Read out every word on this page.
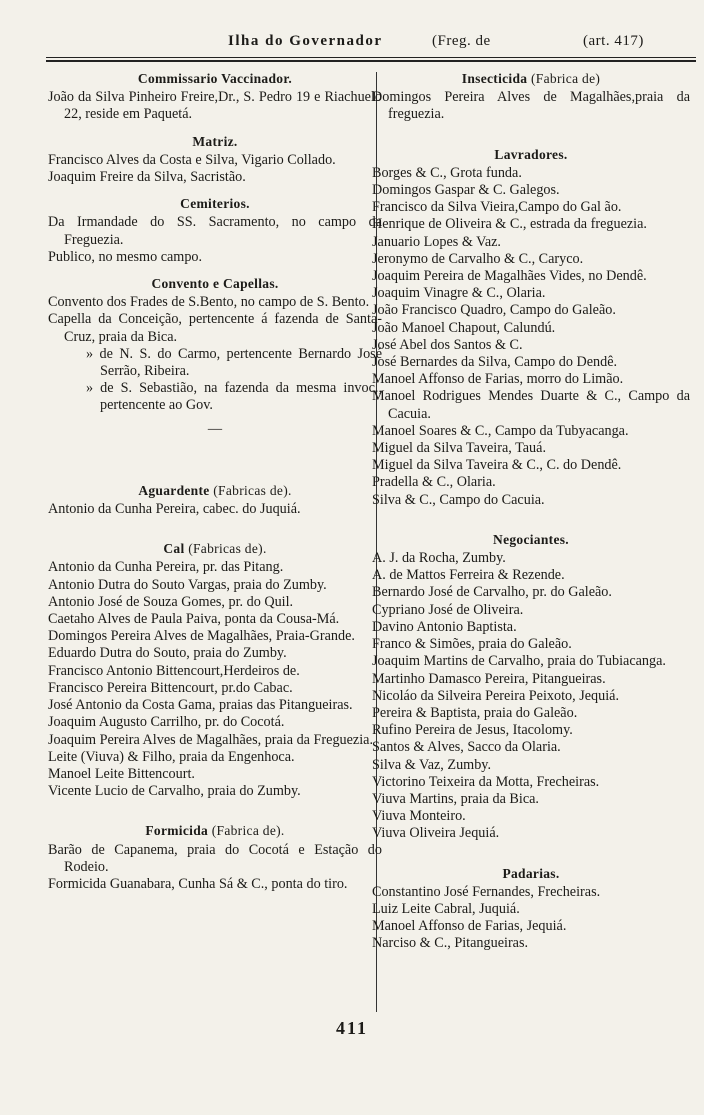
Ilha do Governador	(Freg. de	(art. 417)
Commissario Vaccinador.
João da Silva Pinheiro Freire,Dr., S. Pedro 19 e Riachuelo 22, reside em Paquetá.
Matriz.
Francisco Alves da Costa e Silva, Vigario Collado.
Joaquim Freire da Silva, Sacristão.
Cemiterios.
Da Irmandade do SS. Sacramento, no campo da Freguezia.
Publico, no mesmo campo.
Convento e Capellas.
Convento dos Frades de S.Bento, no campo de S. Bento.
Capella da Conceição, pertencente á fazenda de Santa-Cruz, praia da Bica.
» de N. S. do Carmo, pertencente Bernardo José Serrão, Ribeira.
» de S. Sebastião, na fazenda da mesma invoc., pertencente ao Gov.
—
Aguardente (Fabricas de).
Antonio da Cunha Pereira, cabec. do Juquiá.
Cal (Fabricas de).
Antonio da Cunha Pereira, pr. das Pitang.
Antonio Dutra do Souto Vargas, praia do Zumby.
Antonio José de Souza Gomes, pr. do Quil.
Caetaho Alves de Paula Paiva, ponta da Cousa-Má.
Domingos Pereira Alves de Magalhães, Praia-Grande.
Eduardo Dutra do Souto, praia do Zumby.
Francisco Antonio Bittencourt,Herdeiros de.
Francisco Pereira Bittencourt, pr.do Cabac.
José Antonio da Costa Gama, praias das Pitangueiras.
Joaquim Augusto Carrilho, pr. do Cocotá.
Joaquim Pereira Alves de Magalhães, praia da Freguezia.
Leite (Viuva) & Filho, praia da Engenhoca.
Manoel Leite Bittencourt.
Vicente Lucio de Carvalho, praia do Zumby.
Formicida (Fabrica de).
Barão de Capanema, praia do Cocotá e Estação do Rodeio.
Formicida Guanabara, Cunha Sá & C., ponta do tiro.
Insecticida (Fabrica de)
Domingos Pereira Alves de Magalhães,praia da freguezia.
Lavradores.
Borges & C., Grota funda.
Domingos Gaspar & C. Galegos.
Francisco da Silva Vieira,Campo do Gal ão.
Henrique de Oliveira & C., estrada da freguezia.
Januario Lopes & Vaz.
Jeronymo de Carvalho & C., Caryco.
Joaquim Pereira de Magalhães Vides, no Dendê.
Joaquim Vinagre & C., Olaria.
João Francisco Quadro, Campo do Galeão.
João Manoel Chapout, Calundú.
José Abel dos Santos & C.
José Bernardes da Silva, Campo do Dendê.
Manoel Affonso de Farias, morro do Limão.
Manoel Rodrigues Mendes Duarte & C., Campo da Cacuia.
Manoel Soares & C., Campo da Tubyacanga.
Miguel da Silva Taveira, Tauá.
Miguel da Silva Taveira & C., C. do Dendê.
Pradella & C., Olaria.
Silva & C., Campo do Cacuia.
Negociantes.
A. J. da Rocha, Zumby.
A. de Mattos Ferreira & Rezende.
Bernardo José de Carvalho, pr. do Galeão.
Cypriano José de Oliveira.
Davino Antonio Baptista.
Franco & Simões, praia do Galeão.
Joaquim Martins de Carvalho, praia do Tubiacanga.
Martinho Damasco Pereira, Pitangueiras.
Nicoláo da Silveira Pereira Peixoto, Jequiá.
Pereira & Baptista, praia do Galeão.
Rufino Pereira de Jesus, Itacolomy.
Santos & Alves, Sacco da Olaria.
Silva & Vaz, Zumby.
Victorino Teixeira da Motta, Frecheiras.
Viuva Martins, praia da Bica.
Viuva Monteiro.
Viuva Oliveira Jequiá.
Padarias.
Constantino José Fernandes, Frecheiras.
Luiz Leite Cabral, Juquiá.
Manoel Affonso de Farias, Jequiá.
Narciso & C., Pitangueiras.
411
